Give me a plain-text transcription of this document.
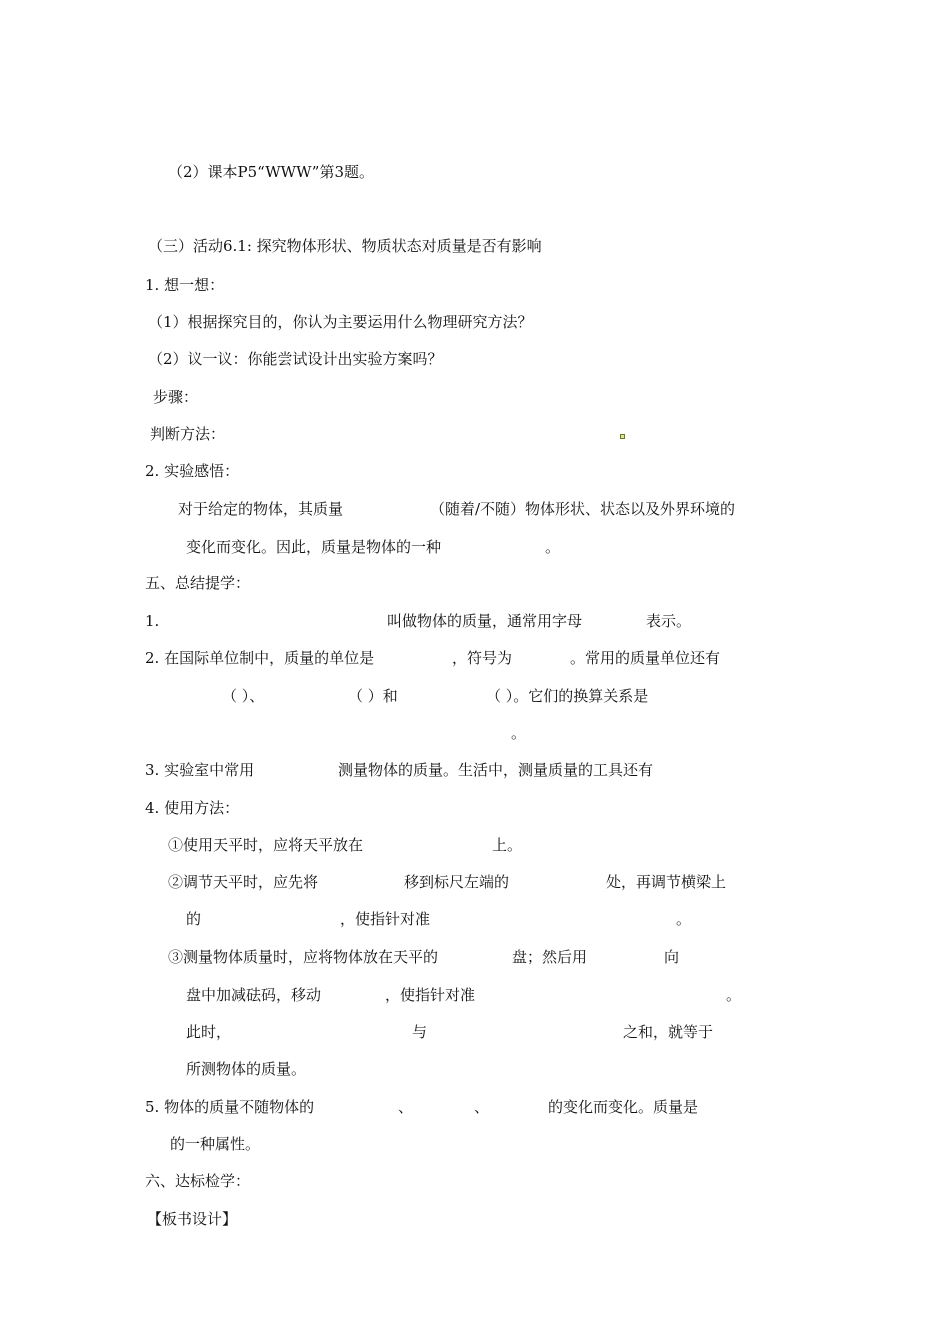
（2）课本P5“WWW”第3题。
（三）活动6.1: 探究物体形状、物质状态对质量是否有影响
1. 想一想：
（1）根据探究目的，你认为主要运用什么物理研究方法？
（2）议一议：你能尝试设计出实验方案吗？
步骤：
判断方法：
2. 实验感悟：
对于给定的物体，其质量	（随着/不随）物体形状、状态以及外界环境的
变化而变化。因此，质量是物体的一种	。
五、总结提学：
1.	叫做物体的质量，通常用字母	表示。
2. 在国际单位制中，质量的单位是	，符号为	。常用的质量单位还有
（ ）、	（ ）和	（ ）。它们的换算关系是
。
3. 实验室中常用	测量物体的质量。生活中，测量质量的工具还有
4. 使用方法：
①使用天平时，应将天平放在	上。
②调节天平时，应先将	移到标尺左端的	处，再调节横梁上
的	，使指针对准	。
③测量物体质量时，应将物体放在天平的	盘；然后用	向
盘中加减砝码，移动	，使指针对准	。
此时，	与	之和，就等于
所测物体的质量。
5. 物体的质量不随物体的	、	、	的变化而变化。质量是
的一种属性。
六、达标检学：
【板书设计】
